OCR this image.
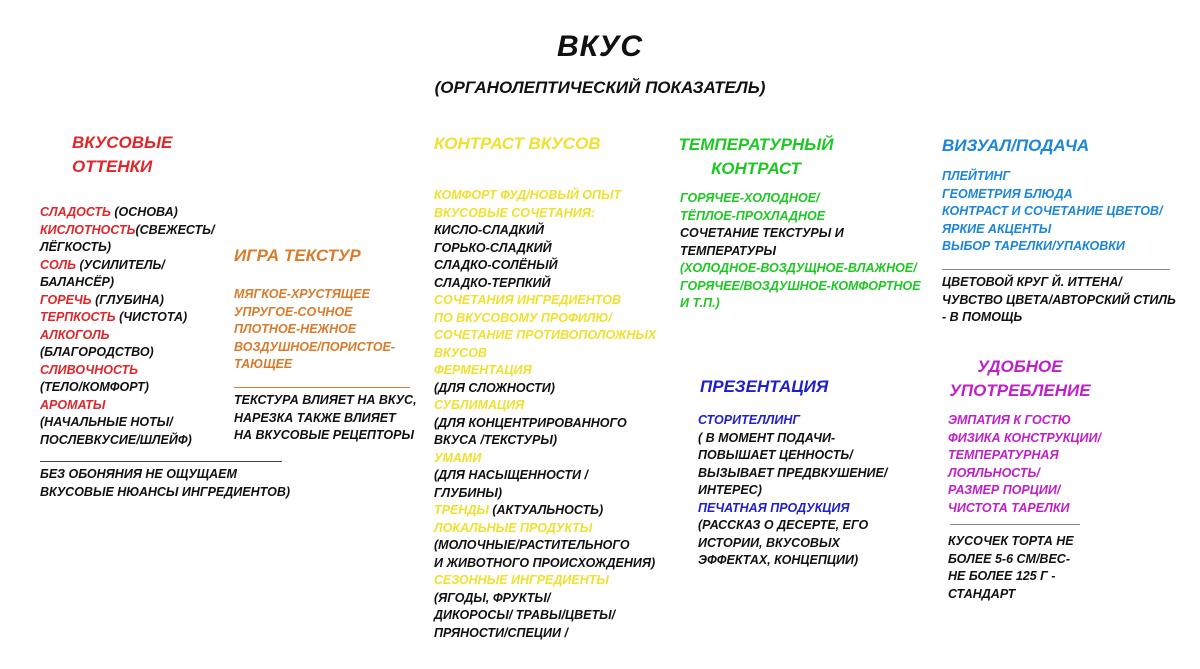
ВКУС
(ОРГАНОЛЕПТИЧЕСКИЙ ПОКАЗАТЕЛЬ)
ВКУСОВЫЕ
ОТТЕНКИ
СЛАДОСТЬ (ОСНОВА)
КИСЛОТНОСТЬ(СВЕЖЕСТЬ/
ЛЁГКОСТЬ)
СОЛЬ (УСИЛИТЕЛЬ/
БАЛАНСЁР)
ГОРЕЧЬ (ГЛУБИНА)
ТЕРПКОСТЬ (ЧИСТОТА)
АЛКОГОЛЬ
(БЛАГОРОДСТВО)
СЛИВОЧНОСТЬ
(ТЕЛО/КОМФОРТ)
АРОМАТЫ
(НАЧАЛЬНЫЕ НОТЫ/
ПОСЛЕВКУСИЕ/ШЛЕЙФ)
БЕЗ ОБОНЯНИЯ НЕ ОЩУЩАЕМ
ВКУСОВЫЕ НЮАНСЫ ИНГРЕДИЕНТОВ)
ИГРА ТЕКСТУР
МЯГКОЕ-ХРУСТЯЩЕЕ
УПРУГОЕ-СОЧНОЕ
ПЛОТНОЕ-НЕЖНОЕ
ВОЗДУШНОЕ/ПОРИСТОЕ-
ТАЮЩЕЕ
ТЕКСТУРА ВЛИЯЕТ НА ВКУС,
НАРЕЗКА ТАКЖЕ ВЛИЯЕТ
НА ВКУСОВЫЕ РЕЦЕПТОРЫ
КОНТРАСТ ВКУСОВ
КОМФОРТ ФУД/НОВЫЙ ОПЫТ
ВКУСОВЫЕ СОЧЕТАНИЯ:
КИСЛО-СЛАДКИЙ
ГОРЬКО-СЛАДКИЙ
СЛАДКО-СОЛЁНЫЙ
СЛАДКО-ТЕРПКИЙ
СОЧЕТАНИЯ ИНГРЕДИЕНТОВ
ПО ВКУСОВОМУ ПРОФИЛЮ/
СОЧЕТАНИЕ ПРОТИВОПОЛОЖНЫХ
ВКУСОВ
ФЕРМЕНТАЦИЯ
(ДЛЯ СЛОЖНОСТИ)
СУБЛИМАЦИЯ
(ДЛЯ КОНЦЕНТРИРОВАННОГО
ВКУСА /ТЕКСТУРЫ)
УМАМИ
(ДЛЯ НАСЫЩЕННОСТИ /
ГЛУБИНЫ)
ТРЕНДЫ (АКТУАЛЬНОСТЬ)
ЛОКАЛЬНЫЕ ПРОДУКТЫ
(МОЛОЧНЫЕ/РАСТИТЕЛЬНОГО
И ЖИВОТНОГО ПРОИСХОЖДЕНИЯ)
СЕЗОННЫЕ ИНГРЕДИЕНТЫ
(ЯГОДЫ, ФРУКТЫ/
ДИКОРОСЫ/ ТРАВЫ/ЦВЕТЫ/
ПРЯНОСТИ/СПЕЦИИ /
ТЕМПЕРАТУРНЫЙ
КОНТРАСТ
ГОРЯЧЕЕ-ХОЛОДНОЕ/
ТЁПЛОЕ-ПРОХЛАДНОЕ
СОЧЕТАНИЕ ТЕКСТУРЫ И
ТЕМПЕРАТУРЫ
(ХОЛОДНОЕ-ВОЗДУЩНОЕ-ВЛАЖНОЕ/
ГОРЯЧЕЕ/ВОЗДУШНОЕ-КОМФОРТНОЕ
И Т.П.)
ПРЕЗЕНТАЦИЯ
СТОРИТЕЛЛИНГ
( В МОМЕНТ ПОДАЧИ-
ПОВЫШАЕТ ЦЕННОСТЬ/
ВЫЗЫВАЕТ ПРЕДВКУШЕНИЕ/
ИНТЕРЕС)
ПЕЧАТНАЯ ПРОДУКЦИЯ
(РАССКАЗ О ДЕСЕРТЕ, ЕГО
ИСТОРИИ, ВКУСОВЫХ
ЭФФЕКТАХ, КОНЦЕПЦИИ)
ВИЗУАЛ/ПОДАЧА
ПЛЕЙТИНГ
ГЕОМЕТРИЯ БЛЮДА
КОНТРАСТ И СОЧЕТАНИЕ ЦВЕТОВ/
ЯРКИЕ АКЦЕНТЫ
ВЫБОР ТАРЕЛКИ/УПАКОВКИ
ЦВЕТОВОЙ КРУГ Й. ИТТЕНА/
ЧУВСТВО ЦВЕТА/АВТОРСКИЙ СТИЛЬ
- В ПОМОЩЬ
УДОБНОЕ
УПОТРЕБЛЕНИЕ
ЭМПАТИЯ К ГОСТЮ
ФИЗИКА КОНСТРУКЦИИ/
ТЕМПЕРАТУРНАЯ
ЛОЯЛЬНОСТЬ/
РАЗМЕР ПОРЦИИ/
ЧИСТОТА ТАРЕЛКИ
КУСОЧЕК ТОРТА НЕ
БОЛЕЕ 5-6 СМ/ВЕС-
НЕ БОЛЕЕ 125 Г -
СТАНДАРТ
